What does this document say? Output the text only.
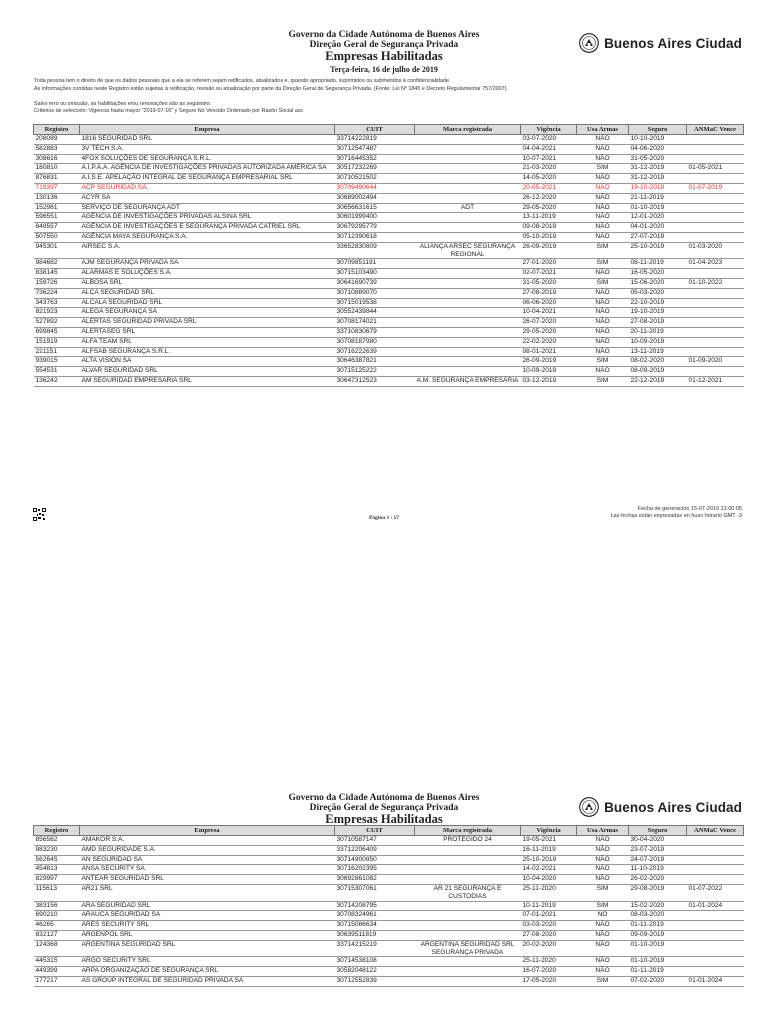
Governo da Cidade Autónoma de Buenos Aires
Direção Geral de Segurança Privada
Empresas Habilitadas
Terça-feira, 16 de julho de 2019
Buenos Aires Ciudad
Toda pessoa tem o direito de que os dados pessoais que a ela se referem sejam retificados, atualizados e, quando apropriado, suprimidos ou submetidos à confidencialidade.
As informações contidas neste Registro estão sujeitas à retificação, revisão ou atualização por parte da Direção Geral de Segurança Privada. (Fonte: Lei Nº 1845 e Decreto Regulamentar 757/2007).
Salvo erro ou omissão, as habilitações e/ou renovações são as seguintes:
Criterios de selección: Vigencia hasta mayor "2019-07-16" y Seguro No Vencido Ordenado por Razón Social asc
Registro	Empresa	CUIT	Marca registrada	Vigência	Usa Armas	Seguro	ANMaC Vence
208089	1816 SEGURIDAD SRL	33714222819		03-07-2020	NÃO	10-10-2019	
582883	3V TECH S.A.	30712547487		04-04-2021	NÃO	04-06-2020	
308616	4FOX SOLUÇÕES DE SEGURANÇA S.R.L.	30716445352		10-07-2021	NÃO	31-05-2020	
180810	A.I.P.A.A. AGÊNCIA DE INVESTIGAÇÕES PRIVADAS AUTORIZADA AMÉRICA SA	30517232269		21-03-2020	SIM	31-12-2019	01-05-2021
876831	A.I.S.E. APELAÇÃO INTEGRAL DE SEGURANÇA EMPRESARIAL SRL	30710521502		14-05-2020	NÃO	31-12-2019	
719397	ACP SEGURIDAD SA.	30709490644		20-05-2021	NÃO	19-10-2019	01-07-2019
130136	ACYR SA	30689002494		26-12-2020	NÃO	21-11-2019	
152981	SERVIÇO DE SEGURANÇA ADT	30656631615	ADT	29-05-2020	NÃO	01-10-2019	
596551	AGÊNCIA DE INVESTIGAÇÕES PRIVADAS ALSINA SRL	30601999400		13-11-2019	NÃO	12-01-2020	
848557	AGÊNCIA DE INVESTIGAÇÕES E SEGURANÇA PRIVADA CATRIEL SRL	30679295779		09-08-2019	NÃO	04-01-2020	
507550	AGÊNCIA MAYA SEGURANÇA S.A.	30712390618		05-10-2019	NÃO	27-07-2019	
945301	AIRSEC S.A.	33652830809	ALIANÇA ARSEC SEGURANÇA REGIONAL	26-09-2019	SIM	25-10-2019	01-03-2020
984682	AJM SEGURANÇA PRIVADA SA	30709851191		27-01-2020	SIM	08-11-2019	01-04-2023
838145	ALARMAS E SOLUÇÕES S.A.	30715103490		02-07-2021	NÃO	16-05-2020	
159726	ALBOSA SRL	30641690739		31-05-2020	SIM	15-06-2020	01-10-2022
736224	ALCA SEGURIDAD SRL	30710889070		27-08-2019	NÃO	05-03-2020	
343763	ALCALA SEGURIDAD SRL	30715019538		06-06-2020	NÃO	22-10-2019	
821923	ALEGA SEGURANÇA SA	30552439844		10-04-2021	NÃO	19-10-2019	
527892	ALERTAS SEGURIDAD PRIVADA SRL	30708174021		26-07-2020	NÃO	27-08-2019	
699845	ALERTASEG SRL	33710830679		29-05-2020	NÃO	20-11-2019	
151919	ALFA TEAM SRL	30708187980		22-02-2020	NÃO	10-09-2019	
221151	ALFSAB SEGURANÇA S.R.L.	30716222639		08-01-2021	NÃO	13-11-2019	
939015	ALTA VISION SA	30646387821		26-09-2019	SIM	08-02-2020	01-09-2020
554531	ALVAR SEGURIDAD SRL	30715125222		10-09-2019	NÃO	08-09-2019	
136242	AM SEGURIDAD EMPRESARIA SRL	30647312523	A.M. SEGURANÇA EMPRESÁRIA	03-12-2019	SIM	22-12-2019	01-12-2021
Página 1 / 17
Fecha de generación 15-07-2019 21:00:05
Las fechas están expresadas en huso horario GMT -3
Governo da Cidade Autónoma de Buenos Aires
Direção Geral de Segurança Privada
Empresas Habilitadas
Buenos Aires Ciudad
Registro	Empresa	CUIT	Marca registrada	Vigência	Usa Armas	Seguro	ANMaC Vence
856582	AMAKOR S.A.	30710587147	PROTEGIDO 24	19-05-2021	NÃO	30-04-2020	
983230	AMD SEGURIDADE S.A.	33712206409		16-11-2019	NÃO	23-07-2019	
562645	AN SEGURIDAD SA	30714900850		25-10-2019	NÃO	24-07-2019	
454813	ANSA SECURITY SA	30716202395		14-02-2021	NÃO	11-10-2019	
829997	ANTEAR SEGURIDAD SRL	30692861082		10-04-2020	NÃO	26-02-2020	
115613	AR21 SRL	30715307061	AR 21 SEGURANÇA E CUSTODIAS	25-11-2020	SIM	29-08-2019	01-07-2022
383156	ARA SEGURIDAD SRL	30714208795		10-11-2019	SIM	15-02-2020	01-01-2024
690210	ARAUCA SEGURIDAD SA	30708324961		07-01-2021	NO	08-03-2020	
46265	ARES SECURITY SRL	30715086634		03-03-2020	NÃO	01-11-2019	
832127	ARGENPOL SRL	30639511819		27-08-2020	NÃO	09-09-2019	
124368	ARGENTINA SEGURIDAD SRL	33714215219	ARGENTINA SEGURIDAD SRL SEGURANÇA PRIVADA	20-02-2020	NÃO	01-10-2019	
445315	ARGO SECURITY SRL	30714538108		25-11-2020	NÃO	01-10-2019	
449399	ARPA ORGANIZAÇÃO DE SEGURANÇA SRL	30582048122		16-07-2020	NÃO	01-11-2019	
177217	AS GROUP INTEGRAL DE SEGURIDAD PRIVADA SA	30712552839		17-05-2020	SIM	07-02-2020	01-01-2024
